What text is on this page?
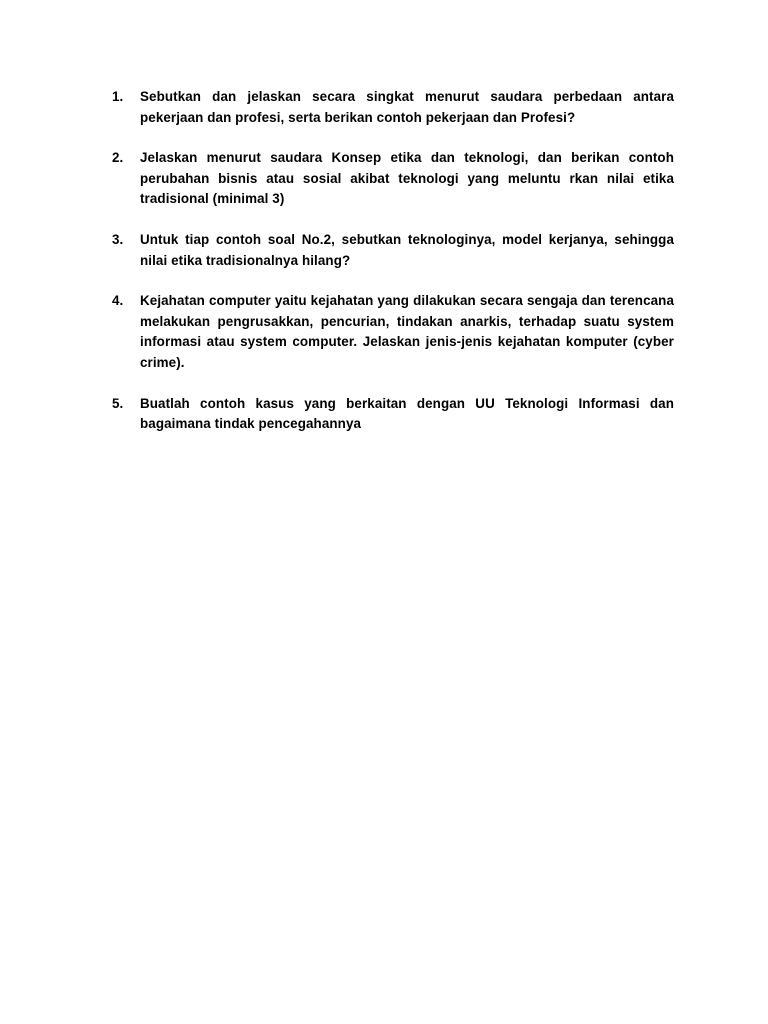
1.	Sebutkan dan jelaskan secara singkat menurut saudara perbedaan antara pekerjaan dan profesi, serta berikan contoh pekerjaan dan Profesi?
2.	Jelaskan menurut saudara Konsep etika dan teknologi, dan berikan contoh perubahan bisnis atau sosial akibat teknologi yang meluntu rkan nilai etika tradisional (minimal 3)
3.	Untuk tiap contoh soal No.2, sebutkan teknologinya, model kerjanya, sehingga nilai etika tradisionalnya hilang?
4.	Kejahatan computer yaitu kejahatan yang dilakukan secara sengaja dan terencana melakukan pengrusakkan, pencurian, tindakan anarkis, terhadap suatu system informasi atau system computer. Jelaskan jenis-jenis kejahatan komputer (cyber crime).
5.	Buatlah contoh kasus yang berkaitan dengan UU Teknologi Informasi dan bagaimana tindak pencegahannya
